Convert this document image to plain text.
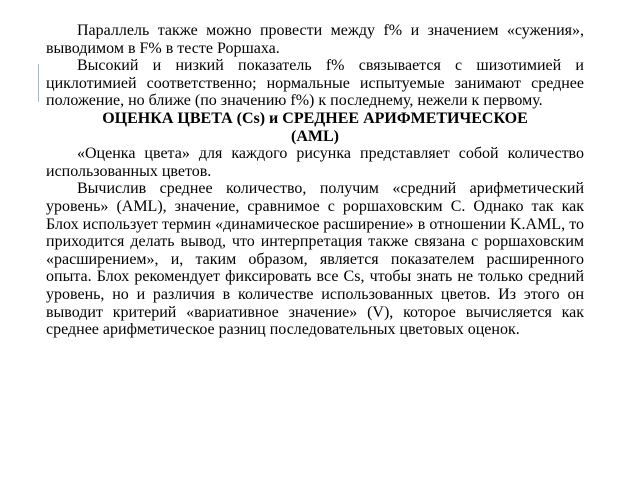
Параллель также можно провести между f% и значением «сужения», выводимом в F% в тесте Роршаха.

Высокий и низкий показатель f% связывается с шизотимией и циклотимией соответственно; нормальные испытуемые занимают среднее положение, но ближе (по значению f%) к последнему, нежели к первому.

ОЦЕНКА ЦВЕТА (Cs) и СРЕДНЕЕ АРИФМЕТИЧЕСКОЕ (AML)

«Оценка цвета» для каждого рисунка представляет собой количество использованных цветов.

Вычислив среднее количество, получим «средний арифметический уровень» (AML), значение, сравнимое с роршаховским С. Однако так как Блох использует термин «динамическое расширение» в отношении K.AML, то приходится делать вывод, что интерпретация также связана с роршаховским «расширением», и, таким образом, является показателем расширенного опыта. Блох рекомендует фиксировать все Cs, чтобы знать не только средний уровень, но и различия в количестве использованных цветов. Из этого он выводит критерий «вариативное значение» (V), которое вычисляется как среднее арифметическое разниц последовательных цветовых оценок.
